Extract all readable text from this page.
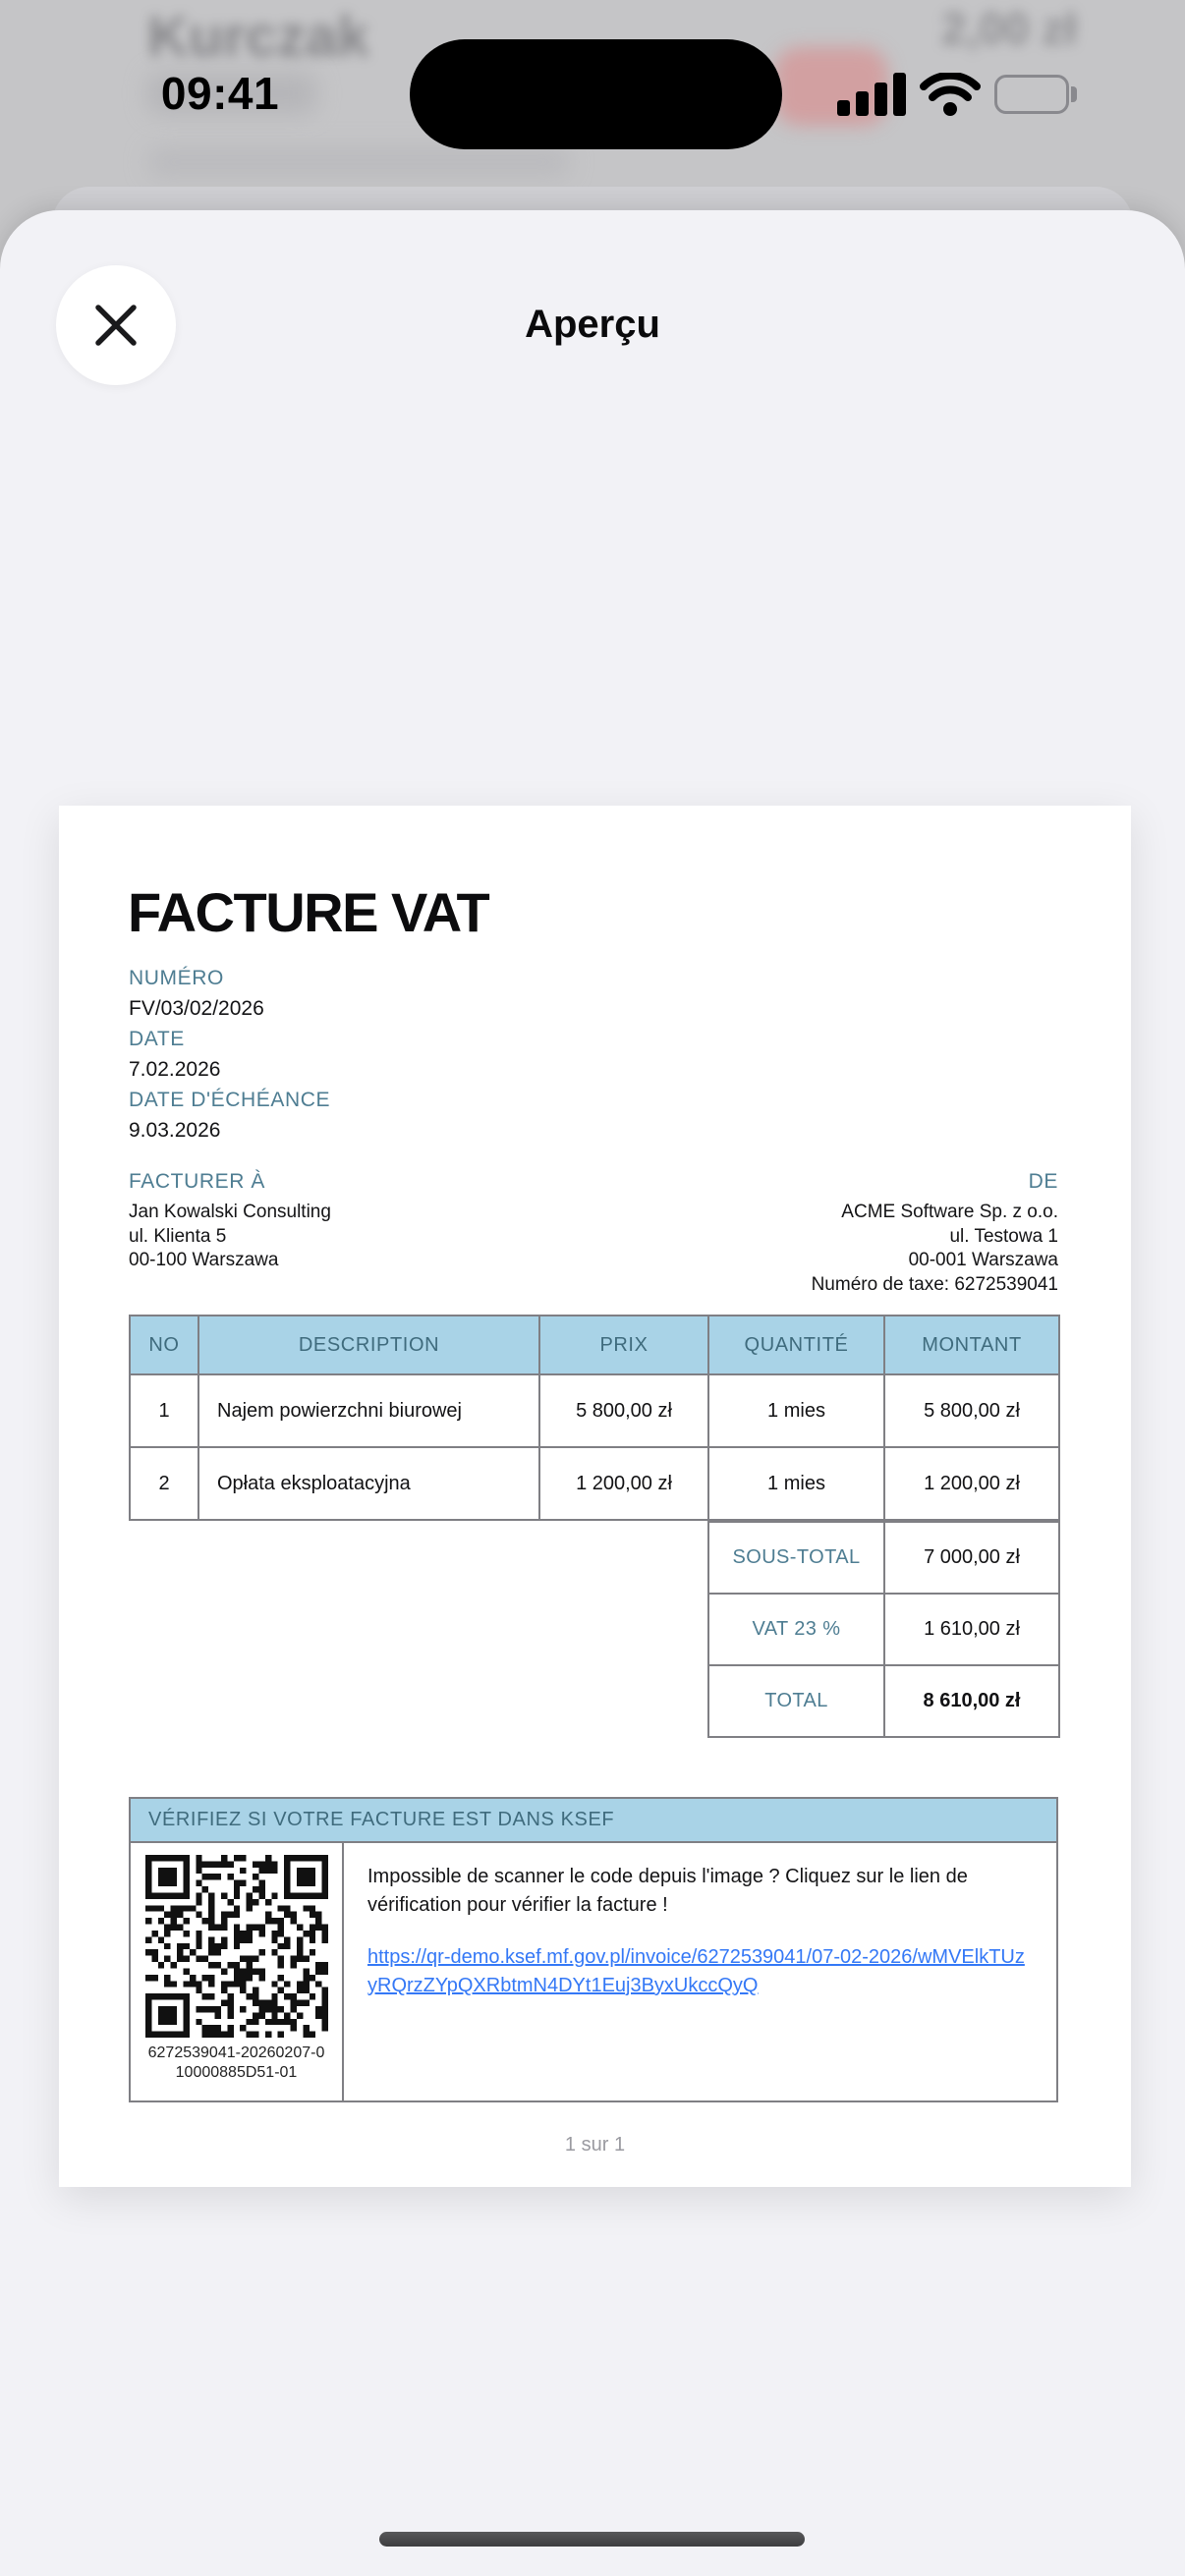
Kurczak	2,00 zł
09:41
Aperçu
FACTURE VAT
NUMÉRO
FV/03/02/2026
DATE
7.02.2026
DATE D'ÉCHÉANCE
9.03.2026
FACTURER À
Jan Kowalski Consulting
ul. Klienta 5
00-100 Warszawa
DE
ACME Software Sp. z o.o.
ul. Testowa 1
00-001 Warszawa
Numéro de taxe: 6272539041
NO	DESCRIPTION	PRIX	QUANTITÉ	MONTANT
1	Najem powierzchni biurowej	5 800,00 zł	1 mies	5 800,00 zł
2	Opłata eksploatacyjna	1 200,00 zł	1 mies	1 200,00 zł
SOUS-TOTAL	7 000,00 zł
VAT 23 %	1 610,00 zł
TOTAL	8 610,00 zł
VÉRIFIEZ SI VOTRE FACTURE EST DANS KSEF
6272539041-20260207-0
10000885D51-01
Impossible de scanner le code depuis l'image ? Cliquez sur le lien de vérification pour vérifier la facture !
https://qr-demo.ksef.mf.gov.pl/invoice/6272539041/07-02-2026/wMVElkTUzyRQrzZYpQXRbtmN4DYt1Euj3ByxUkccQyQ
1 sur 1
